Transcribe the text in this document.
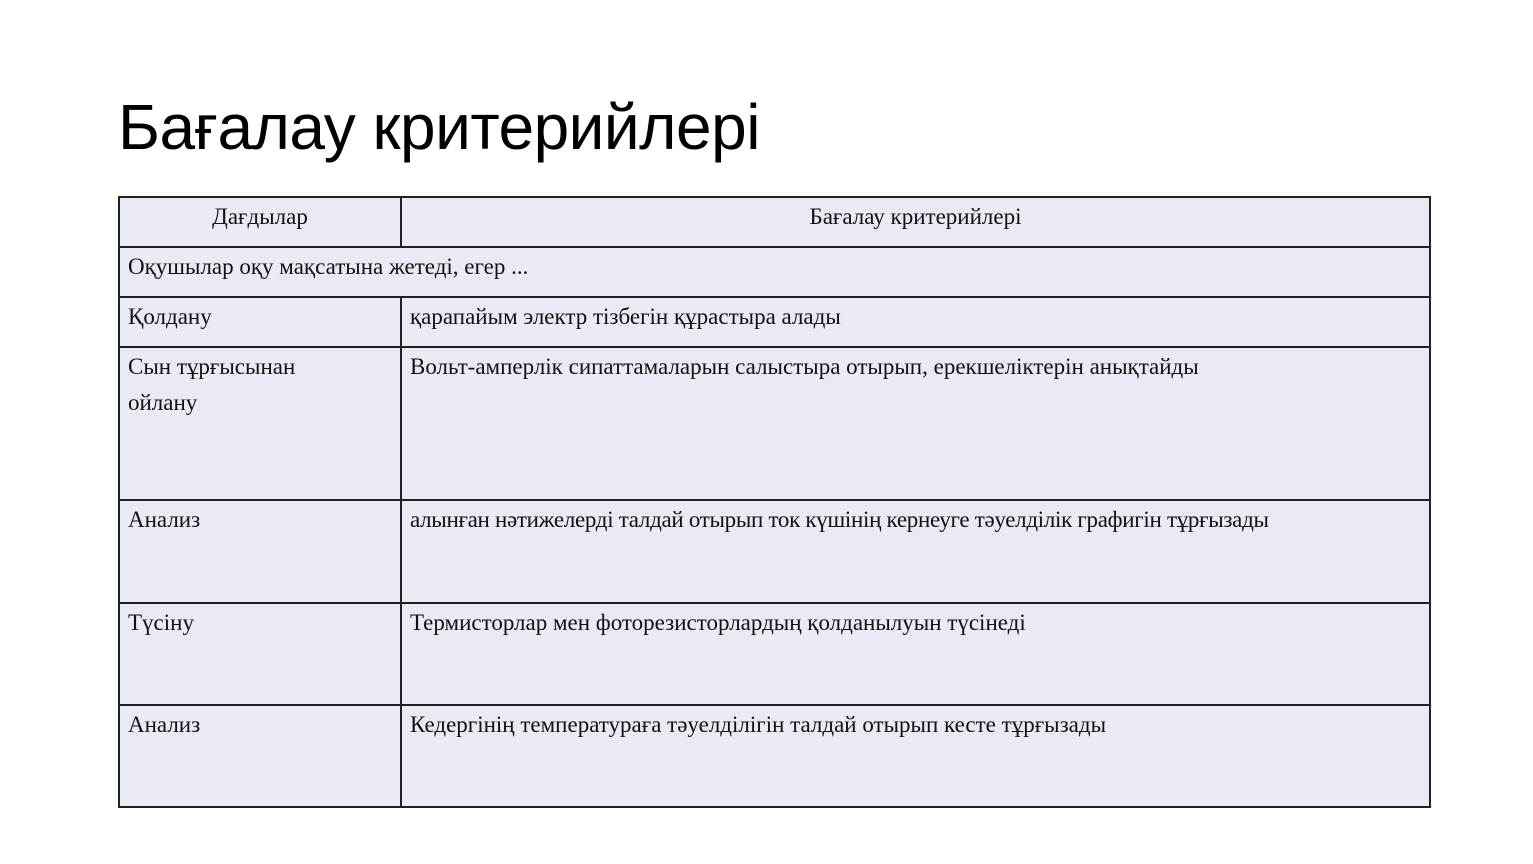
Бағалау критерийлері
Дағдылар	Бағалау критерийлері
Оқушылар оқу мақсатына жетеді, егер ...	
Қолдану	қарапайым электр тізбегін құрастыра алады
Сын тұрғысынан ойлану	Вольт-амперлік сипаттамаларын салыстыра отырып, ерекшеліктерін анықтайды
Анализ	алынған нәтижелерді талдай отырып ток күшінің кернеуге тәуелділік графигін тұрғызады
Түсіну	Термисторлар мен фоторезисторлардың қолданылуын түсінеді
Анализ	Кедергінің температураға тәуелділігін талдай отырып кесте тұрғызады
